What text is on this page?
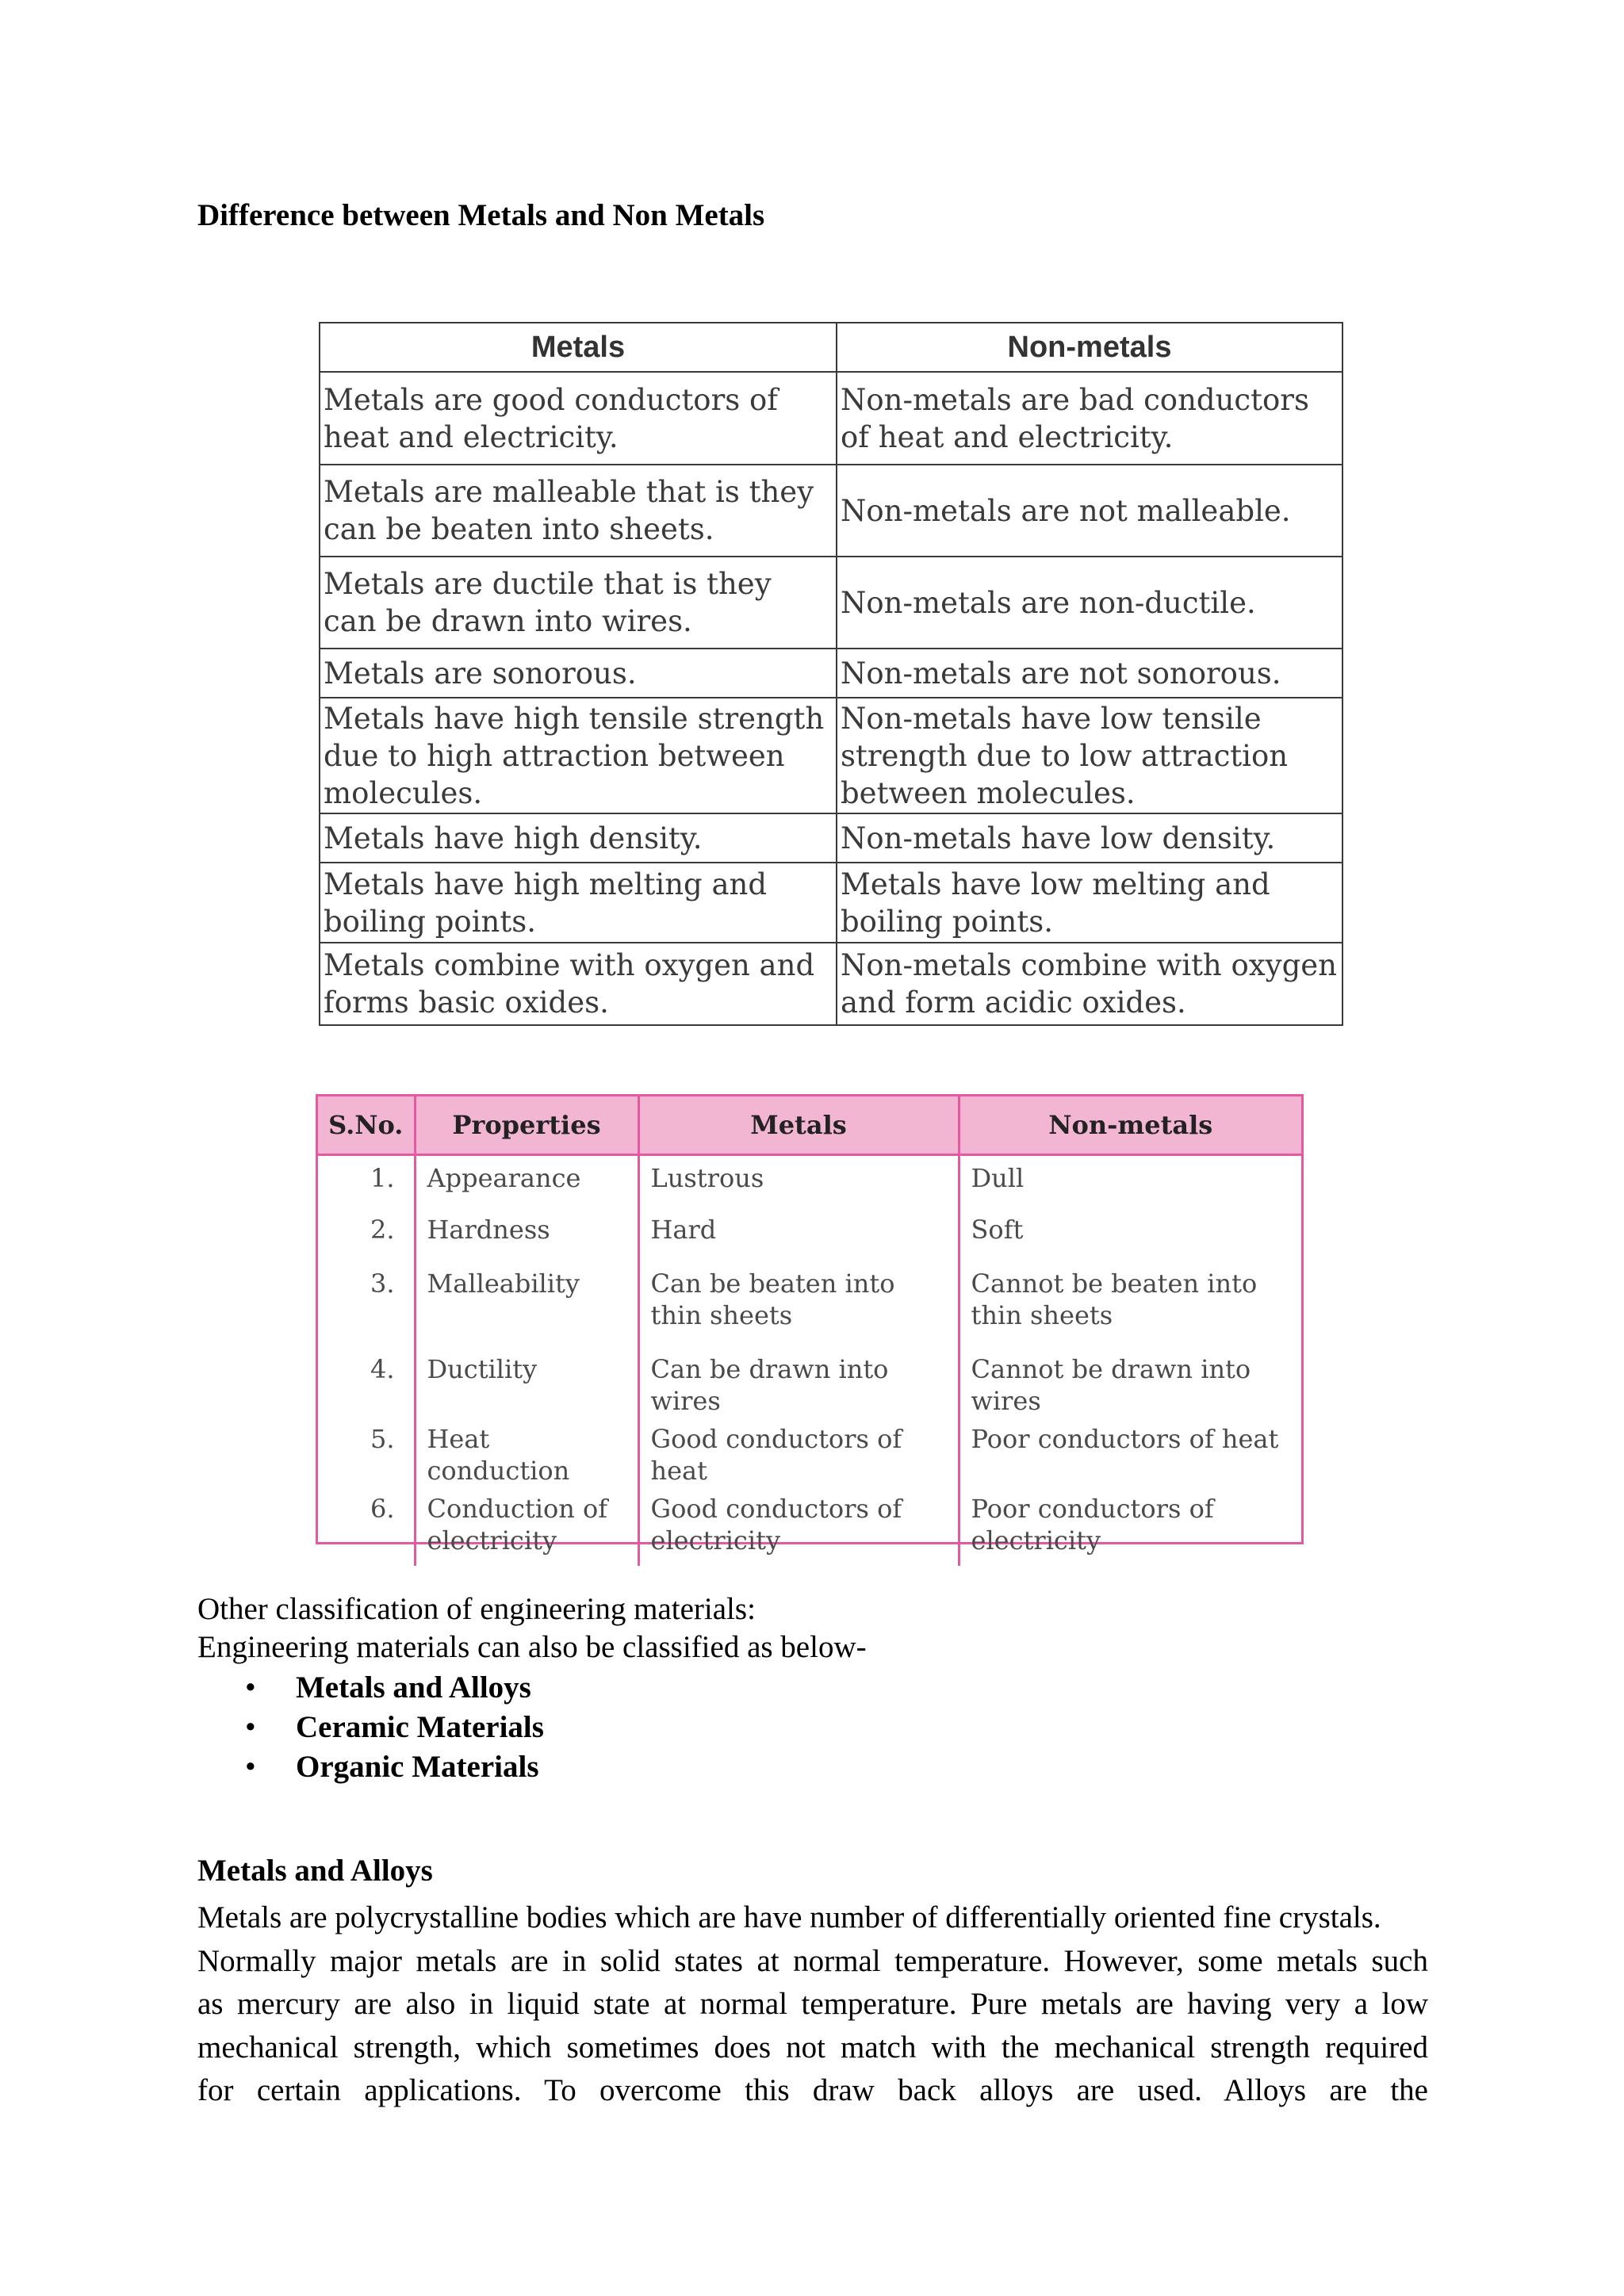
Difference between Metals and Non Metals
Metals	Non-metals
Metals are good conductors of heat and electricity.	Non-metals are bad conductors of heat and electricity.
Metals are malleable that is they can be beaten into sheets.	Non-metals are not malleable.
Metals are ductile that is they can be drawn into wires.	Non-metals are non-ductile.
Metals are sonorous.	Non-metals are not sonorous.
Metals have high tensile strength due to high attraction between molecules.	Non-metals have low tensile strength due to low attraction between molecules.
Metals have high density.	Non-metals have low density.
Metals have high melting and boiling points.	Metals have low melting and boiling points.
Metals combine with oxygen and forms basic oxides.	Non-metals combine with oxygen and form acidic oxides.
S.No.	Properties	Metals	Non-metals
1.	Appearance	Lustrous	Dull
2.	Hardness	Hard	Soft
3.	Malleability	Can be beaten into thin sheets	Cannot be beaten into thin sheets
4.	Ductility	Can be drawn into wires	Cannot be drawn into wires
5.	Heat conduction	Good conductors of heat	Poor conductors of heat
6.	Conduction of electricity	Good conductors of electricity	Poor conductors of electricity

Other classification of engineering materials:

Engineering materials can also be classified as below-

• Metals and Alloys
• Ceramic Materials
• Organic Materials
Metals and Alloys

Metals are polycrystalline bodies which are have number of differentially oriented fine crystals.
Normally major metals are in solid states at normal temperature. However, some metals such
as mercury are also in liquid state at normal temperature. Pure metals are having very a low
mechanical strength, which sometimes does not match with the mechanical strength required
for certain applications. To overcome this draw back alloys are used. Alloys are the
